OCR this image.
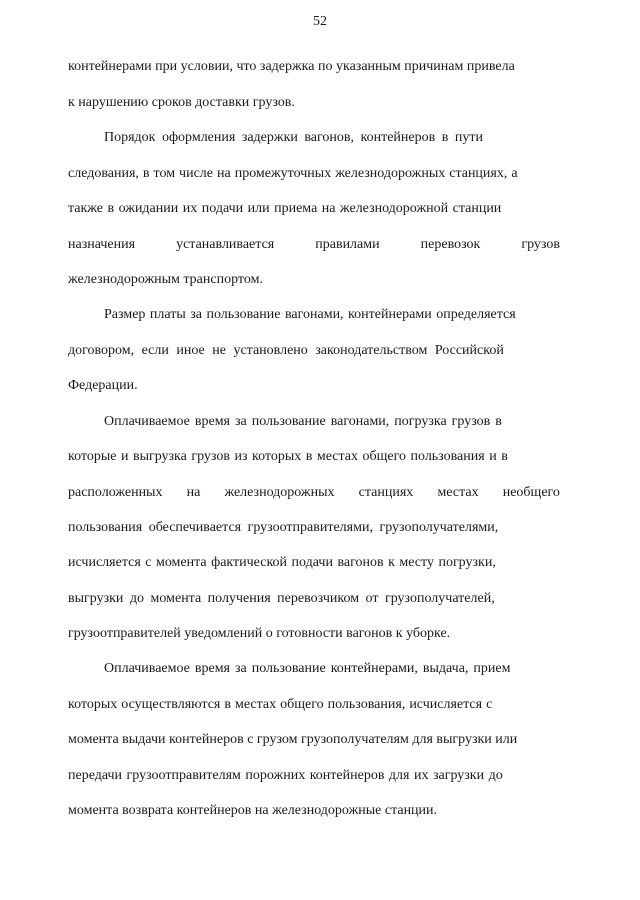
52
контейнерами при условии, что задержка по указанным причинам привела
к нарушению сроков доставки грузов.
Порядок оформления задержки вагонов, контейнеров в пути
следования, в том числе на промежуточных железнодорожных станциях, а
также в ожидании их подачи или приема на железнодорожной станции
назначения	устанавливается	правилами	перевозок	грузов
железнодорожным транспортом.
Размер платы за пользование вагонами, контейнерами определяется
договором, если иное не установлено законодательством Российской
Федерации.
Оплачиваемое время за пользование вагонами, погрузка грузов в
которые и выгрузка грузов из которых в местах общего пользования и в
расположенных на железнодорожных станциях местах необщего
пользования обеспечивается грузоотправителями, грузополучателями,
исчисляется с момента фактической подачи вагонов к месту погрузки,
выгрузки до момента получения перевозчиком от грузополучателей,
грузоотправителей уведомлений о готовности вагонов к уборке.
Оплачиваемое время за пользование контейнерами, выдача, прием
которых осуществляются в местах общего пользования, исчисляется с
момента выдачи контейнеров с грузом грузополучателям для выгрузки или
передачи грузоотправителям порожних контейнеров для их загрузки до
момента возврата контейнеров на железнодорожные станции.
